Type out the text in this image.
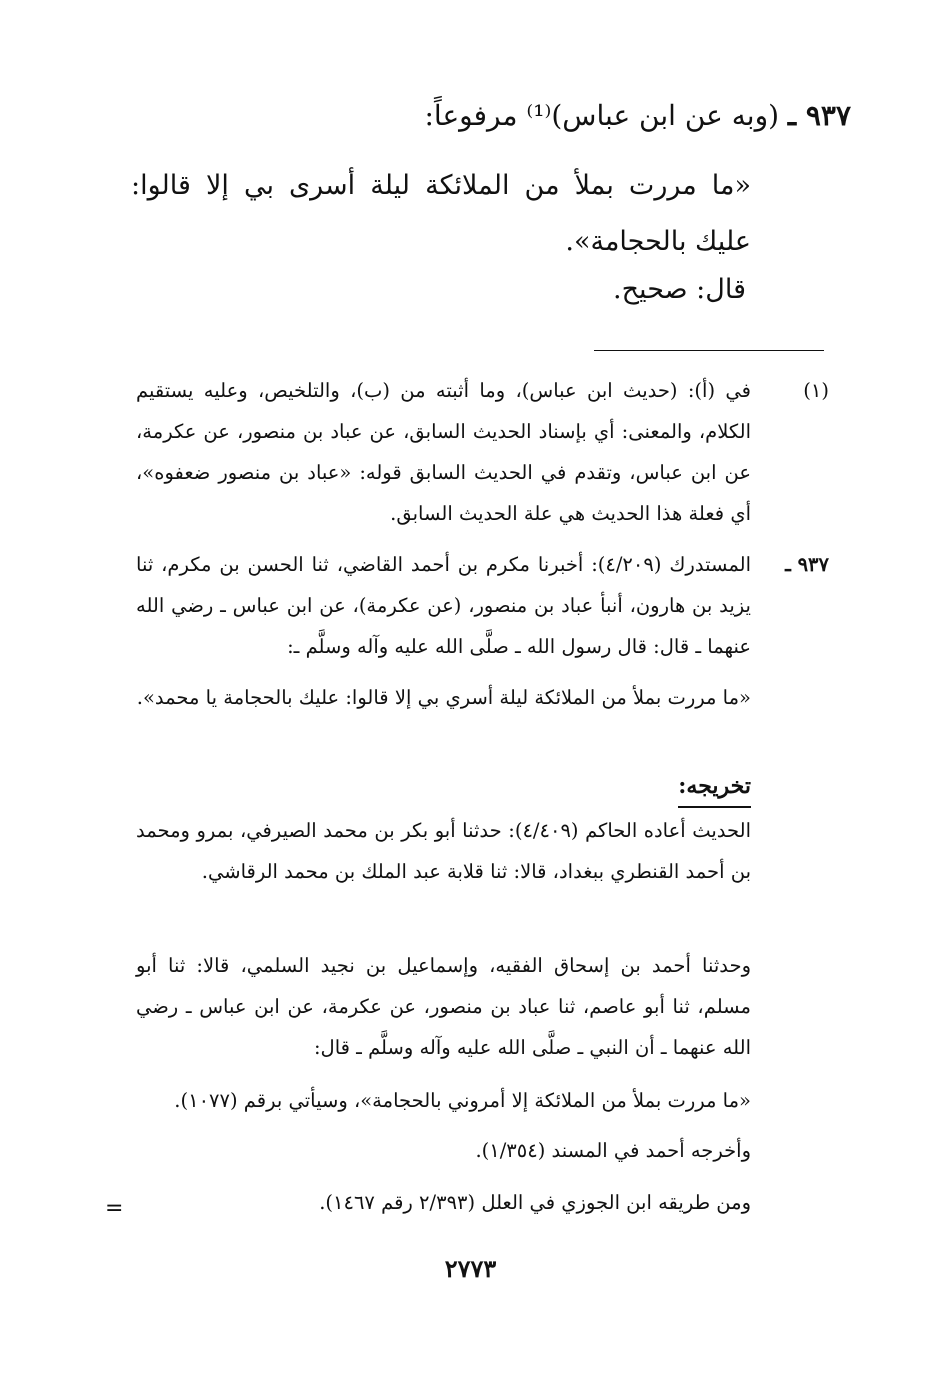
٩٣٧ ـ (وبه عن ابن عباس)⁽¹⁾ مرفوعاً:
«ما مررت بملأ من الملائكة ليلة أسرى بي إلا قالوا: عليك بالحجامة».
قال: صحيح.
(١)
في (أ): (حديث ابن عباس)، وما أثبته من (ب)، والتلخيص، وعليه يستقيم الكلام، والمعنى: أي بإسناد الحديث السابق، عن عباد بن منصور، عن عكرمة، عن ابن عباس، وتقدم في الحديث السابق قوله: «عباد بن منصور ضعفوه»، أي فعلة هذا الحديث هي علة الحديث السابق.
٩٣٧ ـ
المستدرك (٤/٢٠٩): أخبرنا مكرم بن أحمد القاضي، ثنا الحسن بن مكرم، ثنا يزيد بن هارون، أنبأ عباد بن منصور، (عن عكرمة)، عن ابن عباس ـ رضي الله عنهما ـ قال: قال رسول الله ـ صلَّى الله عليه وآله وسلَّم ـ:
«ما مررت بملأ من الملائكة ليلة أسري بي إلا قالوا: عليك بالحجامة يا محمد».
تخريجه:
الحديث أعاده الحاكم (٤/٤٠٩): حدثنا أبو بكر بن محمد الصيرفي، بمرو ومحمد بن أحمد القنطري ببغداد، قالا: ثنا قلابة عبد الملك بن محمد الرقاشي.
وحدثنا أحمد بن إسحاق الفقيه، وإسماعيل بن نجيد السلمي، قالا: ثنا أبو مسلم، ثنا أبو عاصم، ثنا عباد بن منصور، عن عكرمة، عن ابن عباس ـ رضي الله عنهما ـ أن النبي ـ صلَّى الله عليه وآله وسلَّم ـ قال:
«ما مررت بملأ من الملائكة إلا أمروني بالحجامة»، وسيأتي برقم (١٠٧٧).
وأخرجه أحمد في المسند (١/٣٥٤).
ومن طريقه ابن الجوزي في العلل (٢/٣٩٣ رقم ١٤٦٧).
=
٢٧٧٣
